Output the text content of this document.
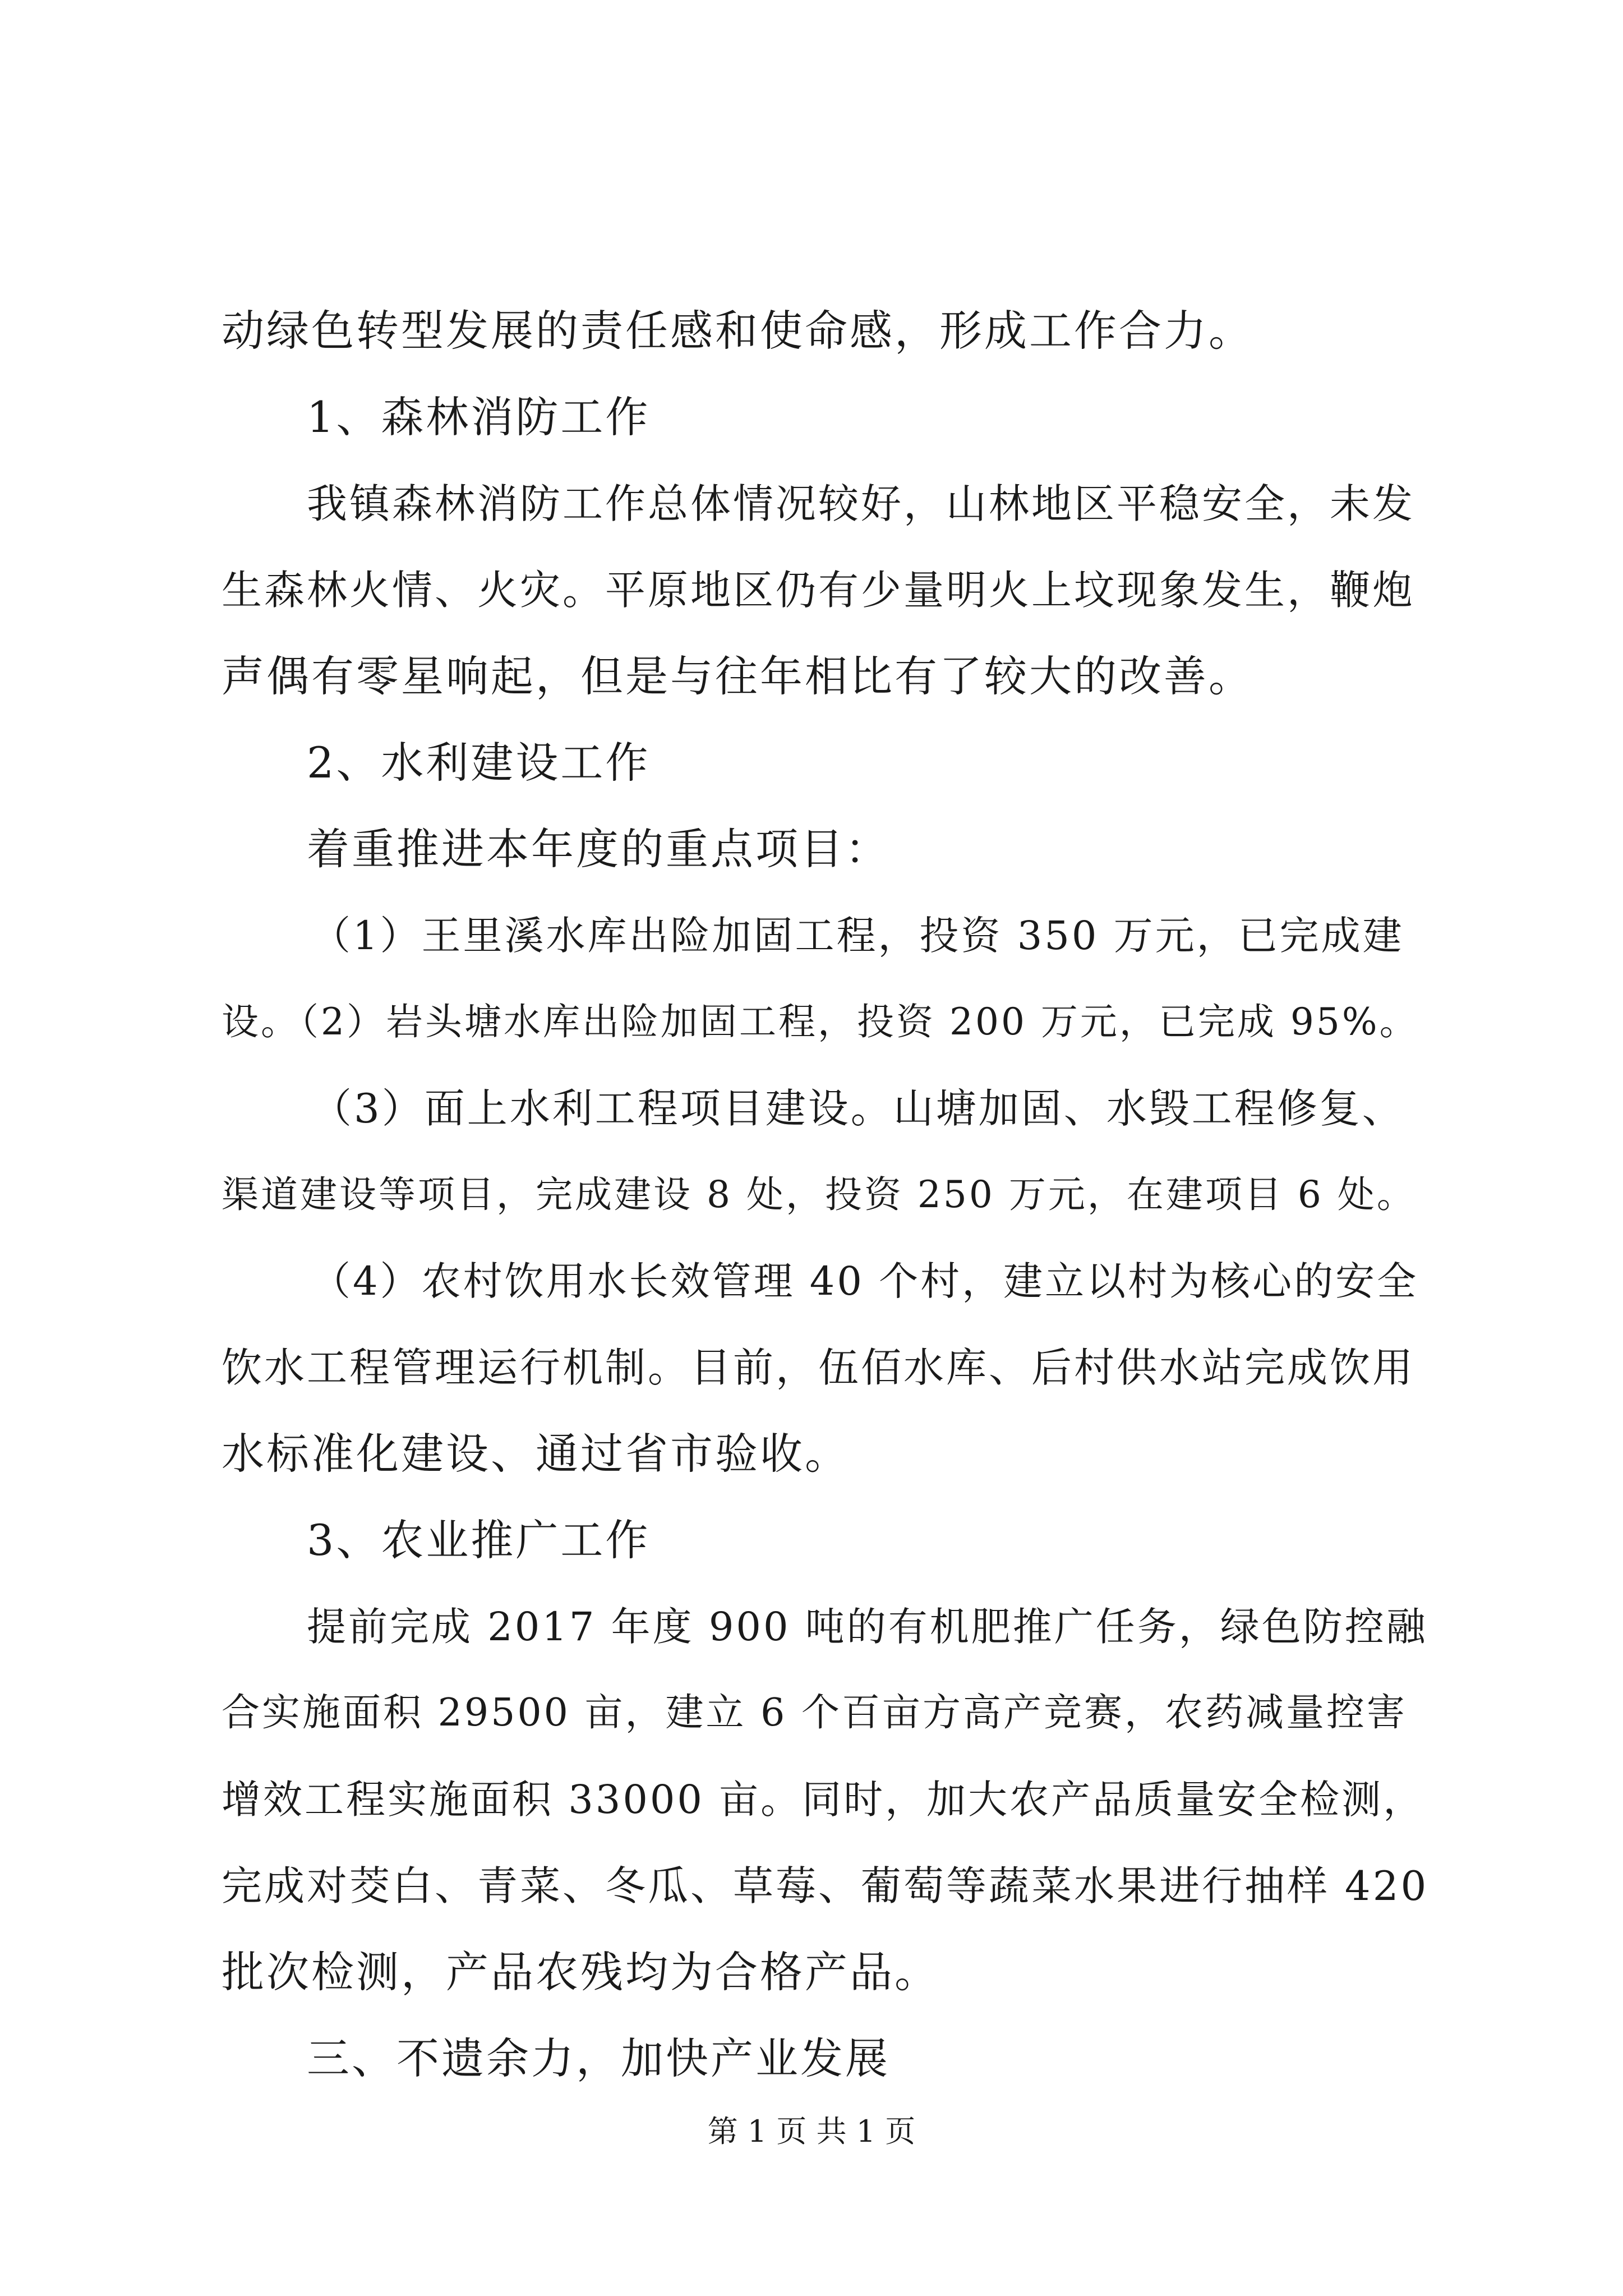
动绿色转型发展的责任感和使命感，形成工作合力。
1、森林消防工作
我镇森林消防工作总体情况较好，山林地区平稳安全，未发
生森林火情、火灾。平原地区仍有少量明火上坟现象发生，鞭炮
声偶有零星响起，但是与往年相比有了较大的改善。
2、水利建设工作
着重推进本年度的重点项目：
（1）王里溪水库出险加固工程，投资 350 万元，已完成建
设。（2）岩头塘水库出险加固工程，投资 200 万元，已完成 95%。
（3）面上水利工程项目建设。山塘加固、水毁工程修复、
渠道建设等项目，完成建设 8 处，投资 250 万元，在建项目 6 处。
（4）农村饮用水长效管理 40 个村，建立以村为核心的安全
饮水工程管理运行机制。目前，伍佰水库、后村供水站完成饮用
水标准化建设、通过省市验收。
3、农业推广工作
提前完成 2017 年度 900 吨的有机肥推广任务，绿色防控融
合实施面积 29500 亩，建立 6 个百亩方高产竞赛，农药减量控害
增效工程实施面积 33000 亩。同时，加大农产品质量安全检测，
完成对茭白、青菜、冬瓜、草莓、葡萄等蔬菜水果进行抽样 420
批次检测，产品农残均为合格产品。
三、不遗余力，加快产业发展
第 1 页 共 1 页
